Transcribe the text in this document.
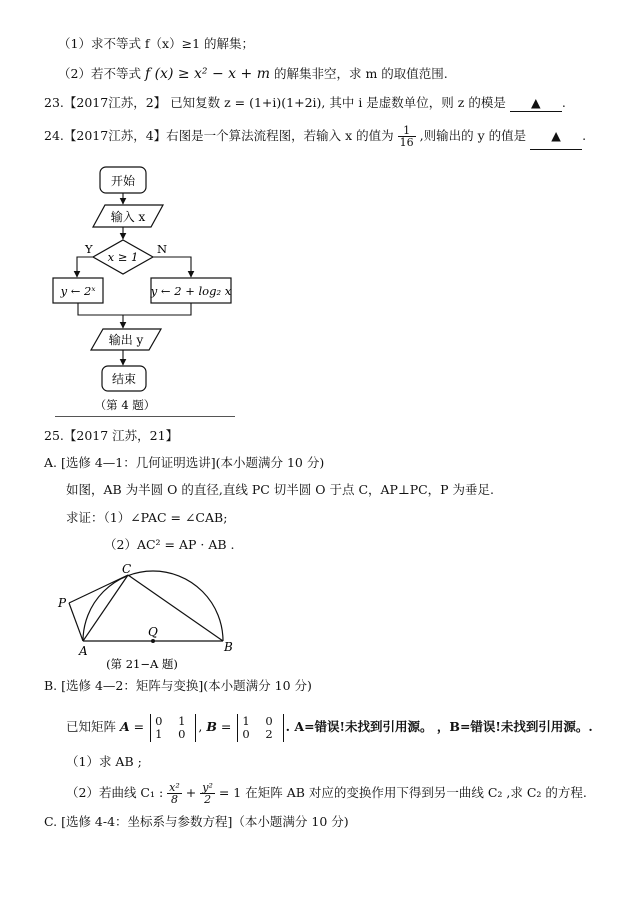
（1）求不等式 f（x）≥1 的解集；
（2）若不等式 f (x) ≥ x² − x + m 的解集非空，求 m 的取值范围.
23.【2017江苏，2】 已知复数 z = (1+i)(1+2i), 其中 i 是虚数单位，则 z 的模是 ▲ .
24.【2017江苏，4】右图是一个算法流程图，若输入 x 的值为 $\frac{1}{16}$ ,则输出的 y 的值是 ▲ .
开始
输入 x
x ≥ 1
Y	N
y ← 2ˣ	y ← 2 + log₂ x
输出 y
结束
（第 4 题）
25.【2017 江苏，21】
A. [选修 4—1：几何证明选讲](本小题满分 10 分)
如图，AB 为半圆 O 的直径,直线 PC 切半圆 O 于点 C，AP⊥PC，P 为垂足.
求证：（1）∠PAC = ∠CAB;
（2）AC² = AP · AB .
C
P
Q
A	B
(第 21−A 题)
B. [选修 4—2：矩阵与变换](本小题满分 10 分)
已知矩阵 A = 0 1
1 0 , B = 1 0
0 2 . A=错误!未找到引用源。 ，B=错误!未找到引用源。.
（1）求 AB ;
（2）若曲线 C₁ : $\frac{\text{x²}}{8} + \frac{\text{y²}}{2} = 1$ 在矩阵 AB 对应的变换作用下得到另一曲线 C₂ ,求 C₂ 的方程.
C. [选修 4-4：坐标系与参数方程]（本小题满分 10 分)
